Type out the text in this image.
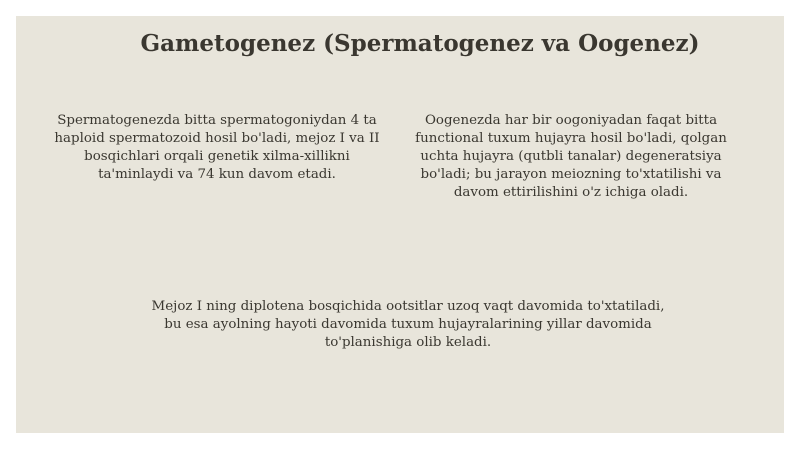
Gametogenez (Spermatogenez va Oogenez)
Spermatogenezda bitta spermatogoniydan 4 ta haploid spermatozoid hosil bo'ladi, mejoz I va II bosqichlari orqali genetik xilma-xillikni ta'minlaydi va 74 kun davom etadi.
Oogenezda har bir oogoniyadan faqat bitta functional tuxum hujayra hosil bo'ladi, qolgan uchta hujayra (qutbli tanalar) degeneratsiya bo'ladi; bu jarayon meiozning to'xtatilishi va davom ettirilishini o'z ichiga oladi.
Mejoz I ning diplotena bosqichida ootsitlar uzoq vaqt davomida to'xtatiladi, bu esa ayolning hayoti davomida tuxum hujayralarining yillar davomida to'planishiga olib keladi.
